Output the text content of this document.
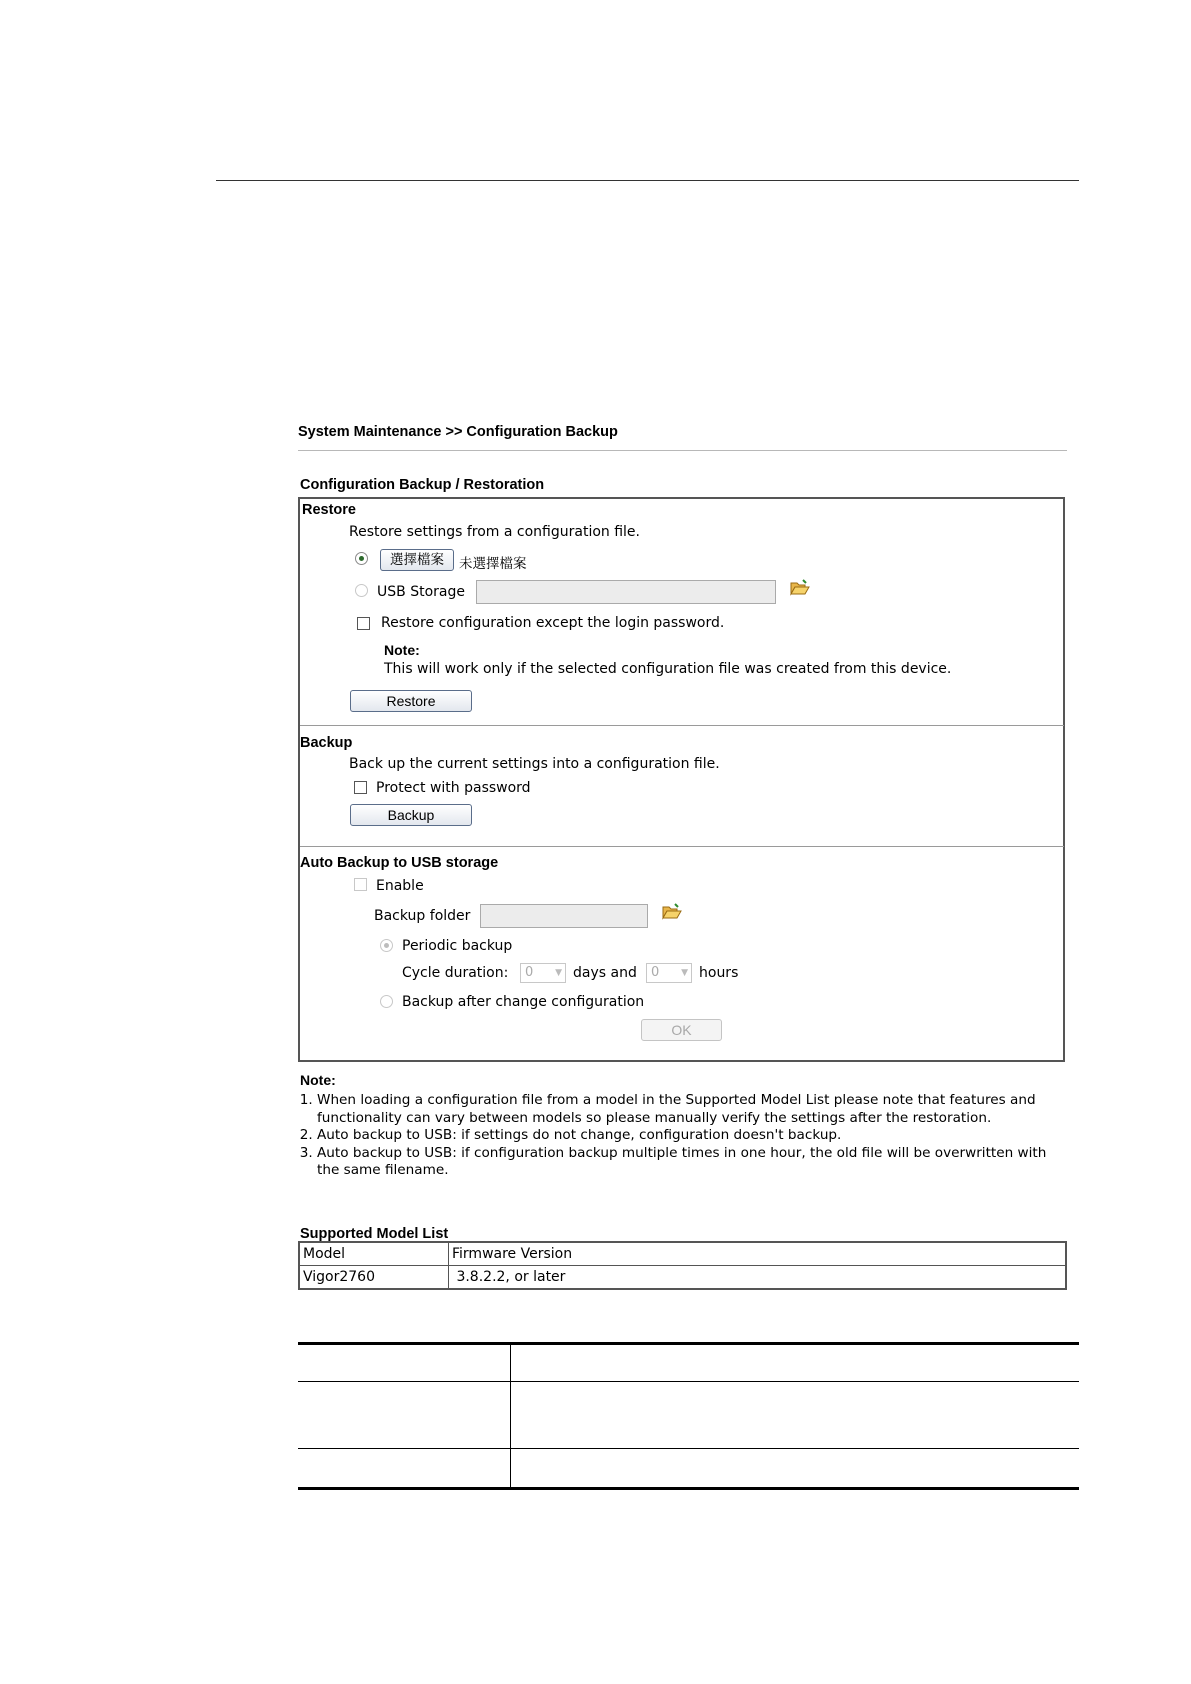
System Maintenance >> Configuration Backup
Configuration Backup / Restoration
Restore
Restore settings from a configuration file.
選擇檔案	未選擇檔案
USB Storage
Restore configuration except the login password.
Note:
This will work only if the selected configuration file was created from this device.
Restore
Backup
Back up the current settings into a configuration file.
Protect with password
Backup
Auto Backup to USB storage
Enable
Backup folder
Periodic backup
Cycle duration: 0 ▼ days and 0 ▼ hours
Backup after change configuration
OK
Note:
1. When loading a configuration file from a model in the Supported Model List please note that features and functionality can vary between models so please manually verify the settings after the restoration.
2. Auto backup to USB: if settings do not change, configuration doesn't backup.
3. Auto backup to USB: if configuration backup multiple times in one hour, the old file will be overwritten with the same filename.
Supported Model List
Model	Firmware Version
Vigor2760	3.8.2.2, or later
